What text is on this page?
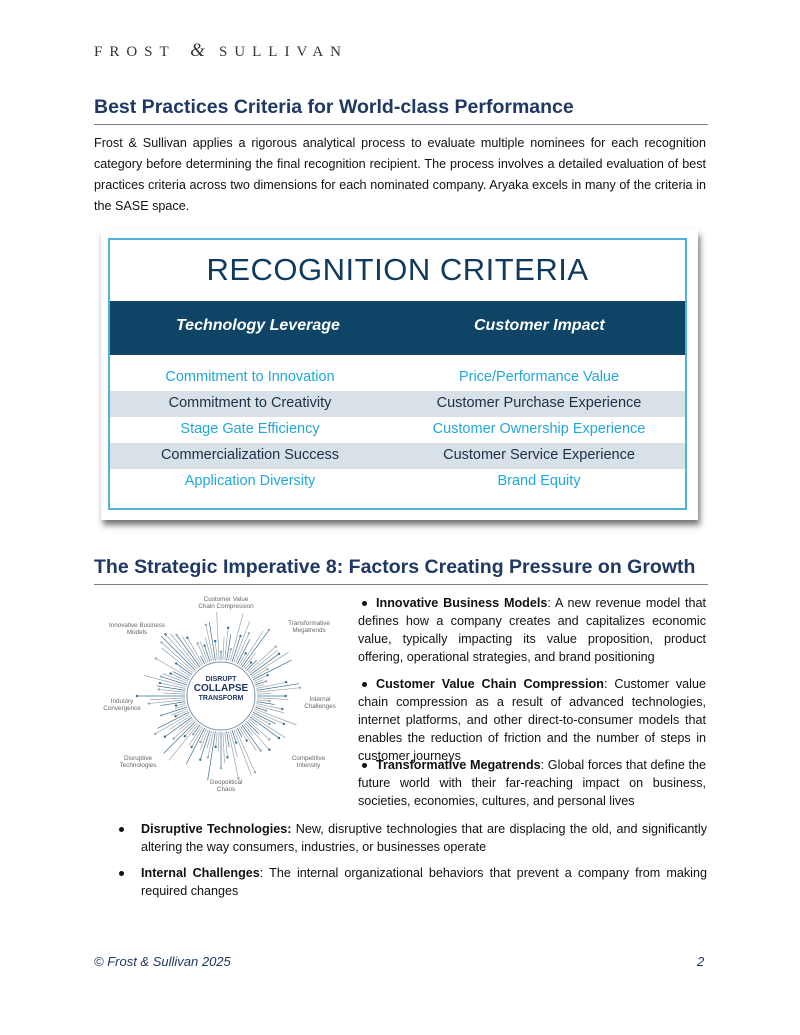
FROST & SULLIVAN
Best Practices Criteria for World-class Performance

Frost & Sullivan applies a rigorous analytical process to evaluate multiple nominees for each recognition category before determining the final recognition recipient. The process involves a detailed evaluation of best practices criteria across two dimensions for each nominated company. Aryaka excels in many of the criteria in the SASE space.

RECOGNITION CRITERIA
Technology Leverage	Customer Impact
Commitment to Innovation	Price/Performance Value
Commitment to Creativity	Customer Purchase Experience
Stage Gate Efficiency	Customer Ownership Experience
Commercialization Success	Customer Service Experience
Application Diversity	Brand Equity
The Strategic Imperative 8: Factors Creating Pressure on Growth
Customer Value Chain Compression
Transformative Megatrends
Internal Challenges
Competitive Intensity
Geopolitical Chaos
Disruptive Technologies
Industry Convergence
Innovative Business Models
DISRUPT
COLLAPSE
TRANSFORM

Innovative Business Models: A new revenue model that defines how a company creates and capitalizes economic value, typically impacting its value proposition, product offering, operational strategies, and brand positioning

Customer Value Chain Compression: Customer value chain compression as a result of advanced technologies, internet platforms, and other direct-to-consumer models that enables the reduction of friction and the number of steps in customer journeys

Transformative Megatrends: Global forces that define the future world with their far-reaching impact on business, societies, economies, cultures, and personal lives

Disruptive Technologies: New, disruptive technologies that are displacing the old, and significantly altering the way consumers, industries, or businesses operate

Internal Challenges: The internal organizational behaviors that prevent a company from making required changes

© Frost & Sullivan 2025	2
